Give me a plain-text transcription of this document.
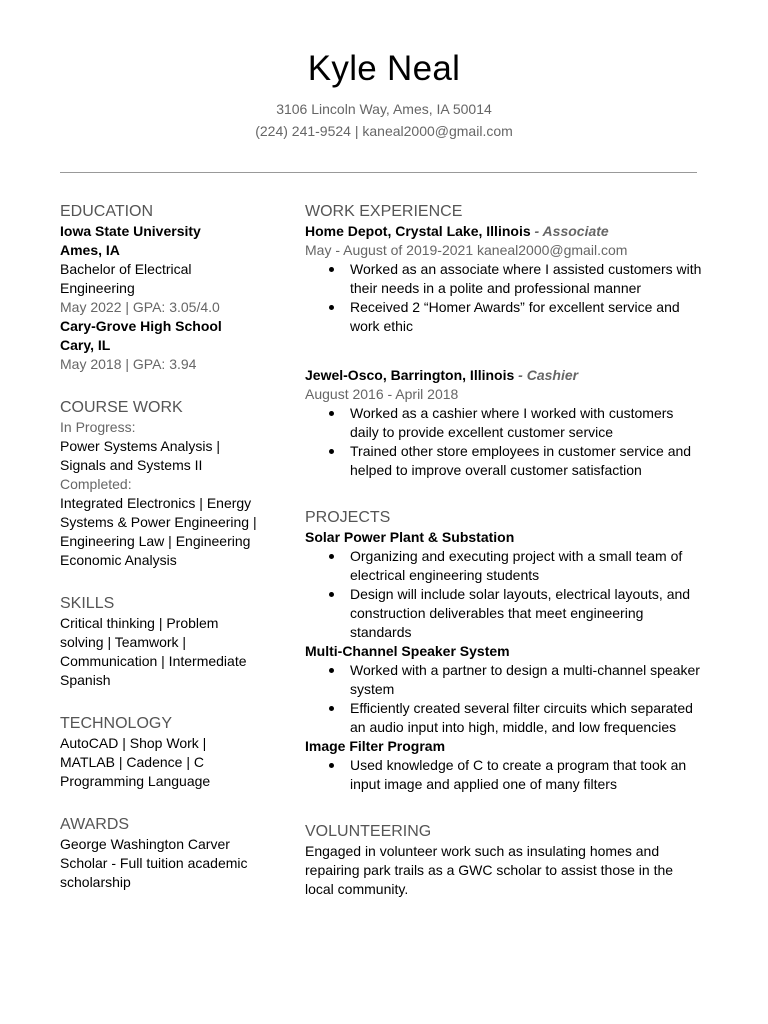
Kyle Neal
3106 Lincoln Way, Ames, IA 50014
(224) 241-9524 | kaneal2000@gmail.com
EDUCATION
Iowa State University
Ames, IA
Bachelor of Electrical Engineering
May 2022 | GPA: 3.05/4.0
Cary-Grove High School
Cary, IL
May 2018 | GPA: 3.94
COURSE WORK
In Progress:
Power Systems Analysis | Signals and Systems II
Completed:
Integrated Electronics | Energy Systems & Power Engineering | Engineering Law | Engineering Economic Analysis
SKILLS
Critical thinking | Problem solving | Teamwork | Communication | Intermediate Spanish
TECHNOLOGY
AutoCAD | Shop Work | MATLAB | Cadence | C Programming Language
AWARDS
George Washington Carver Scholar - Full tuition academic scholarship
WORK EXPERIENCE
Home Depot, Crystal Lake, Illinois - Associate
May - August of 2019-2021 kaneal2000@gmail.com
Worked as an associate where I assisted customers with their needs in a polite and professional manner
Received 2 “Homer Awards” for excellent service and work ethic
Jewel-Osco, Barrington, Illinois - Cashier
August 2016 - April 2018
Worked as a cashier where I worked with customers daily to provide excellent customer service
Trained other store employees in customer service and helped to improve overall customer satisfaction
PROJECTS
Solar Power Plant & Substation
Organizing and executing project with a small team of electrical engineering students
Design will include solar layouts, electrical layouts, and construction deliverables that meet engineering standards
Multi-Channel Speaker System
Worked with a partner to design a multi-channel speaker system
Efficiently created several filter circuits which separated an audio input into high, middle, and low frequencies
Image Filter Program
Used knowledge of C to create a program that took an input image and applied one of many filters
VOLUNTEERING
Engaged in volunteer work such as insulating homes and repairing park trails as a GWC scholar to assist those in the local community.
